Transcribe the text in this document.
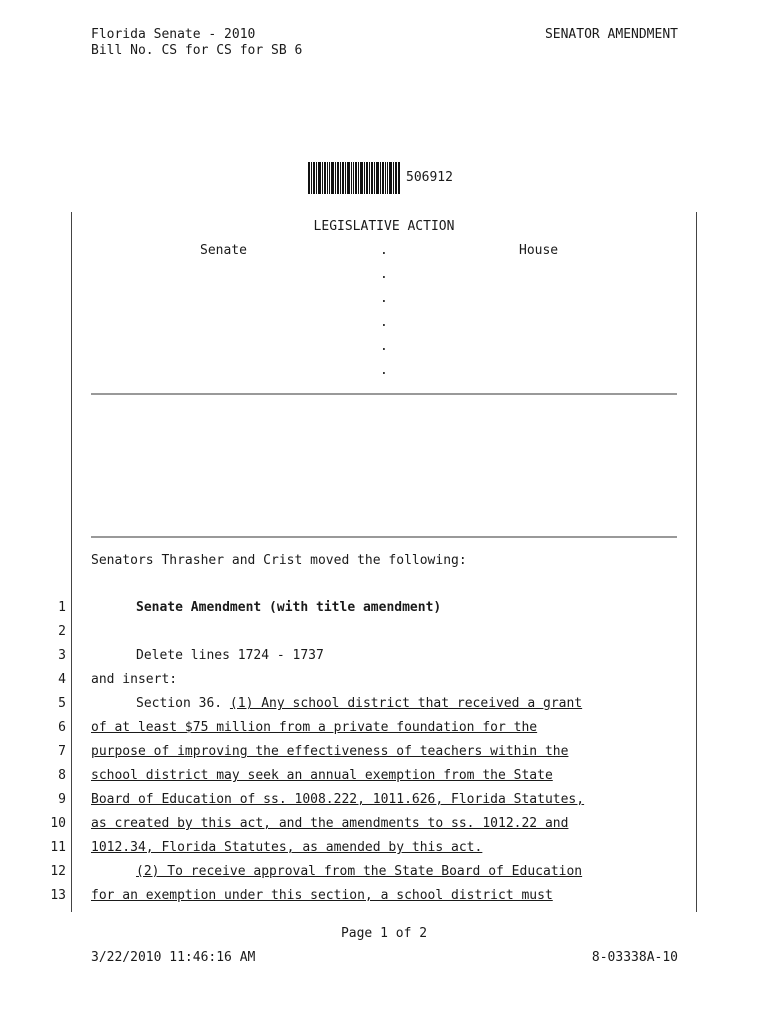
Florida Senate - 2010
Bill No. CS for CS for SB 6
SENATOR AMENDMENT
506912
LEGISLATIVE ACTION
Senate	House
.
.
.
.
.
.
Senators Thrasher and Crist moved the following:
1	Senate Amendment (with title amendment)
2
3	Delete lines 1724 - 1737
4 and insert:
5	Section 36. (1) Any school district that received a grant
6 of at least $75 million from a private foundation for the
7 purpose of improving the effectiveness of teachers within the
8 school district may seek an annual exemption from the State
9 Board of Education of ss. 1008.222, 1011.626, Florida Statutes,
10 as created by this act, and the amendments to ss. 1012.22 and
11 1012.34, Florida Statutes, as amended by this act.
12	(2) To receive approval from the State Board of Education
13 for an exemption under this section, a school district must
Page 1 of 2
3/22/2010 11:46:16 AM	8-03338A-10
